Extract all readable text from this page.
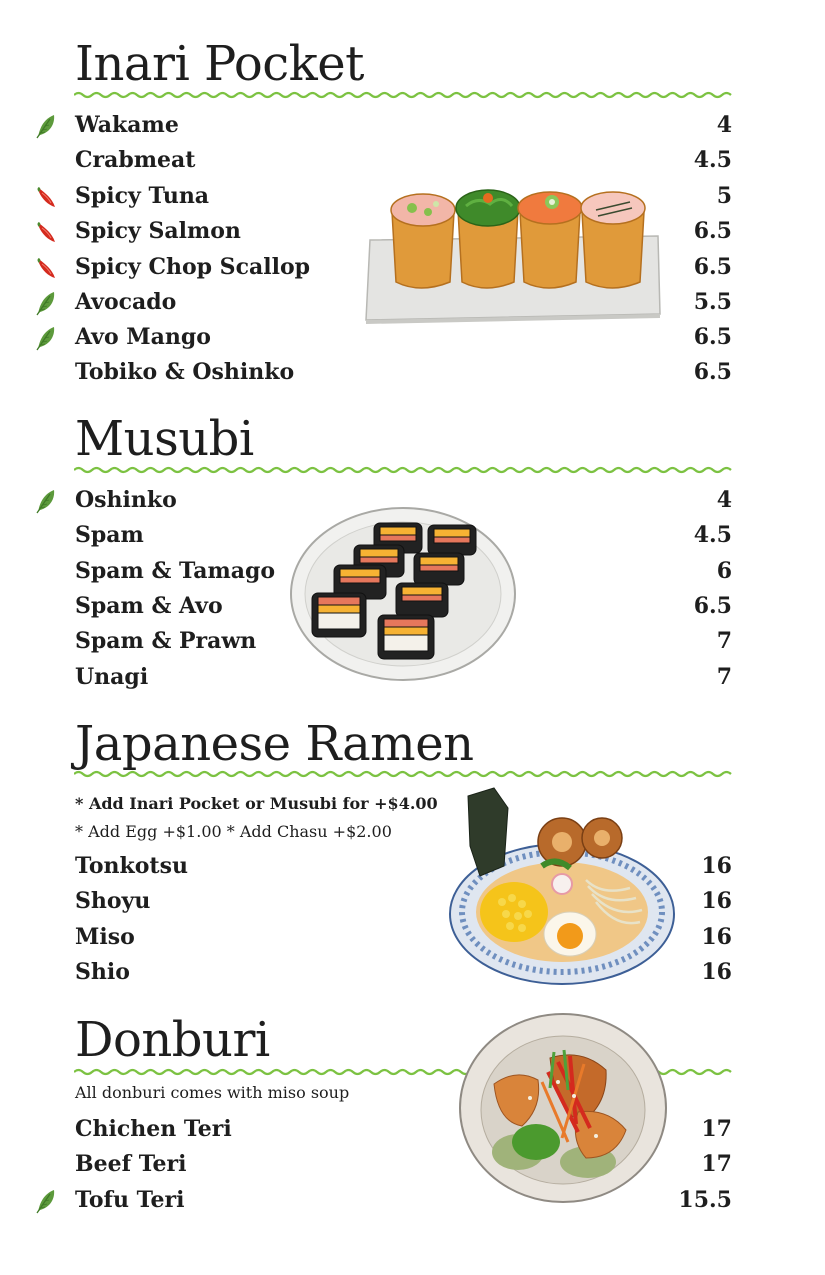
Inari Pocket
Wakame	4
Crabmeat	4.5
Spicy Tuna	5
Spicy Salmon	6.5
Spicy Chop Scallop	6.5
Avocado	5.5
Avo Mango	6.5
Tobiko & Oshinko	6.5
Musubi
Oshinko	4
Spam	4.5
Spam & Tamago	6
Spam & Avo	6.5
Spam & Prawn	7
Unagi	7
Japanese Ramen
* Add Inari Pocket or Musubi for +$4.00
* Add Egg +$1.00 * Add Chasu +$2.00
Tonkotsu	16
Shoyu	16
Miso	16
Shio	16
Donburi
All donburi comes with miso soup
Chichen Teri	17
Beef Teri	17
Tofu Teri	15.5
